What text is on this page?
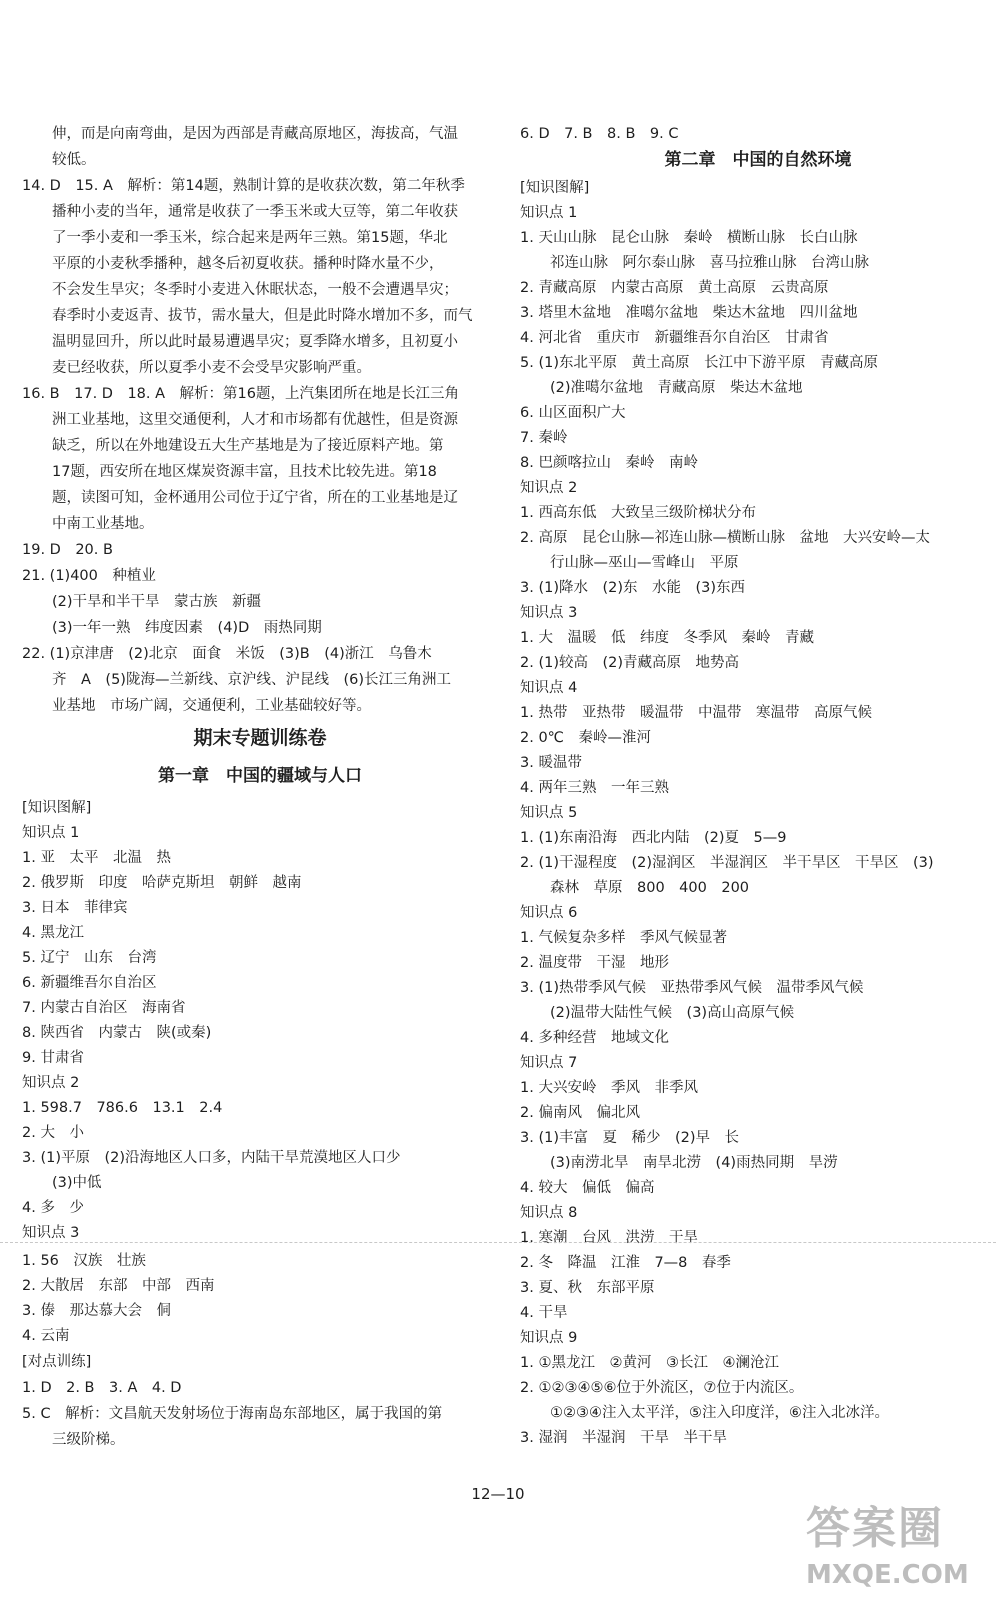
伸，而是向南弯曲，是因为西部是青藏高原地区，海拔高，气温
较低。
14. D　15. A　解析：第14题，熟制计算的是收获次数，第二年秋季
播种小麦的当年，通常是收获了一季玉米或大豆等，第二年收获
了一季小麦和一季玉米，综合起来是两年三熟。第15题，华北
平原的小麦秋季播种，越冬后初夏收获。播种时降水量不少，
不会发生旱灾；冬季时小麦进入休眠状态，一般不会遭遇旱灾；
春季时小麦返青、拔节，需水量大，但是此时降水增加不多，而气
温明显回升，所以此时最易遭遇旱灾；夏季降水增多，且初夏小
麦已经收获，所以夏季小麦不会受旱灾影响严重。
16. B　17. D　18. A　解析：第16题，上汽集团所在地是长江三角
洲工业基地，这里交通便利，人才和市场都有优越性，但是资源
缺乏，所以在外地建设五大生产基地是为了接近原料产地。第
17题，西安所在地区煤炭资源丰富，且技术比较先进。第18
题，读图可知，金杯通用公司位于辽宁省，所在的工业基地是辽
中南工业基地。
19. D　20. B
21. (1)400　种植业
(2)干旱和半干旱　蒙古族　新疆
(3)一年一熟　纬度因素　(4)D　雨热同期
22. (1)京津唐　(2)北京　面食　米饭　(3)B　(4)浙江　乌鲁木
齐　A　(5)陇海—兰新线、京沪线、沪昆线　(6)长江三角洲工
业基地　市场广阔，交通便利，工业基础较好等。
期末专题训练卷
第一章　中国的疆域与人口
[知识图解]
知识点 1
1. 亚　太平　北温　热
2. 俄罗斯　印度　哈萨克斯坦　朝鲜　越南
3. 日本　菲律宾
4. 黑龙江
5. 辽宁　山东　台湾
6. 新疆维吾尔自治区
7. 内蒙古自治区　海南省
8. 陕西省　内蒙古　陕(或秦)
9. 甘肃省
知识点 2
1. 598.7　786.6　13.1　2.4
2. 大　小
3. (1)平原　(2)沿海地区人口多，内陆干旱荒漠地区人口少
(3)中低
4. 多　少
知识点 3
1. 56　汉族　壮族
2. 大散居　东部　中部　西南
3. 傣　那达慕大会　侗
4. 云南
[对点训练]
1. D　2. B　3. A　4. D
5. C　解析：文昌航天发射场位于海南岛东部地区，属于我国的第
三级阶梯。
6. D　7. B　8. B　9. C
第二章　中国的自然环境
[知识图解]
知识点 1
1. 天山山脉　昆仑山脉　秦岭　横断山脉　长白山脉
祁连山脉　阿尔泰山脉　喜马拉雅山脉　台湾山脉
2. 青藏高原　内蒙古高原　黄土高原　云贵高原
3. 塔里木盆地　准噶尔盆地　柴达木盆地　四川盆地
4. 河北省　重庆市　新疆维吾尔自治区　甘肃省
5. (1)东北平原　黄土高原　长江中下游平原　青藏高原
(2)准噶尔盆地　青藏高原　柴达木盆地
6. 山区面积广大
7. 秦岭
8. 巴颜喀拉山　秦岭　南岭
知识点 2
1. 西高东低　大致呈三级阶梯状分布
2. 高原　昆仑山脉—祁连山脉—横断山脉　盆地　大兴安岭—太
行山脉—巫山—雪峰山　平原
3. (1)降水　(2)东　水能　(3)东西
知识点 3
1. 大　温暖　低　纬度　冬季风　秦岭　青藏
2. (1)较高　(2)青藏高原　地势高
知识点 4
1. 热带　亚热带　暖温带　中温带　寒温带　高原气候
2. 0℃　秦岭—淮河
3. 暖温带
4. 两年三熟　一年三熟
知识点 5
1. (1)东南沿海　西北内陆　(2)夏　5—9
2. (1)干湿程度　(2)湿润区　半湿润区　半干旱区　干旱区　(3)
森林　草原　800　400　200
知识点 6
1. 气候复杂多样　季风气候显著
2. 温度带　干湿　地形
3. (1)热带季风气候　亚热带季风气候　温带季风气候
(2)温带大陆性气候　(3)高山高原气候
4. 多种经营　地域文化
知识点 7
1. 大兴安岭　季风　非季风
2. 偏南风　偏北风
3. (1)丰富　夏　稀少　(2)早　长
(3)南涝北旱　南旱北涝　(4)雨热同期　旱涝
4. 较大　偏低　偏高
知识点 8
1. 寒潮　台风　洪涝　干旱
2. 冬　降温　江淮　7—8　春季
3. 夏、秋　东部平原
4. 干旱
知识点 9
1. ①黑龙江　②黄河　③长江　④澜沧江
2. ①②③④⑤⑥位于外流区，⑦位于内流区。
①②③④注入太平洋，⑤注入印度洋，⑥注入北冰洋。
3. 湿润　半湿润　干旱　半干旱
12—10
答案圈
MXQE.COM
